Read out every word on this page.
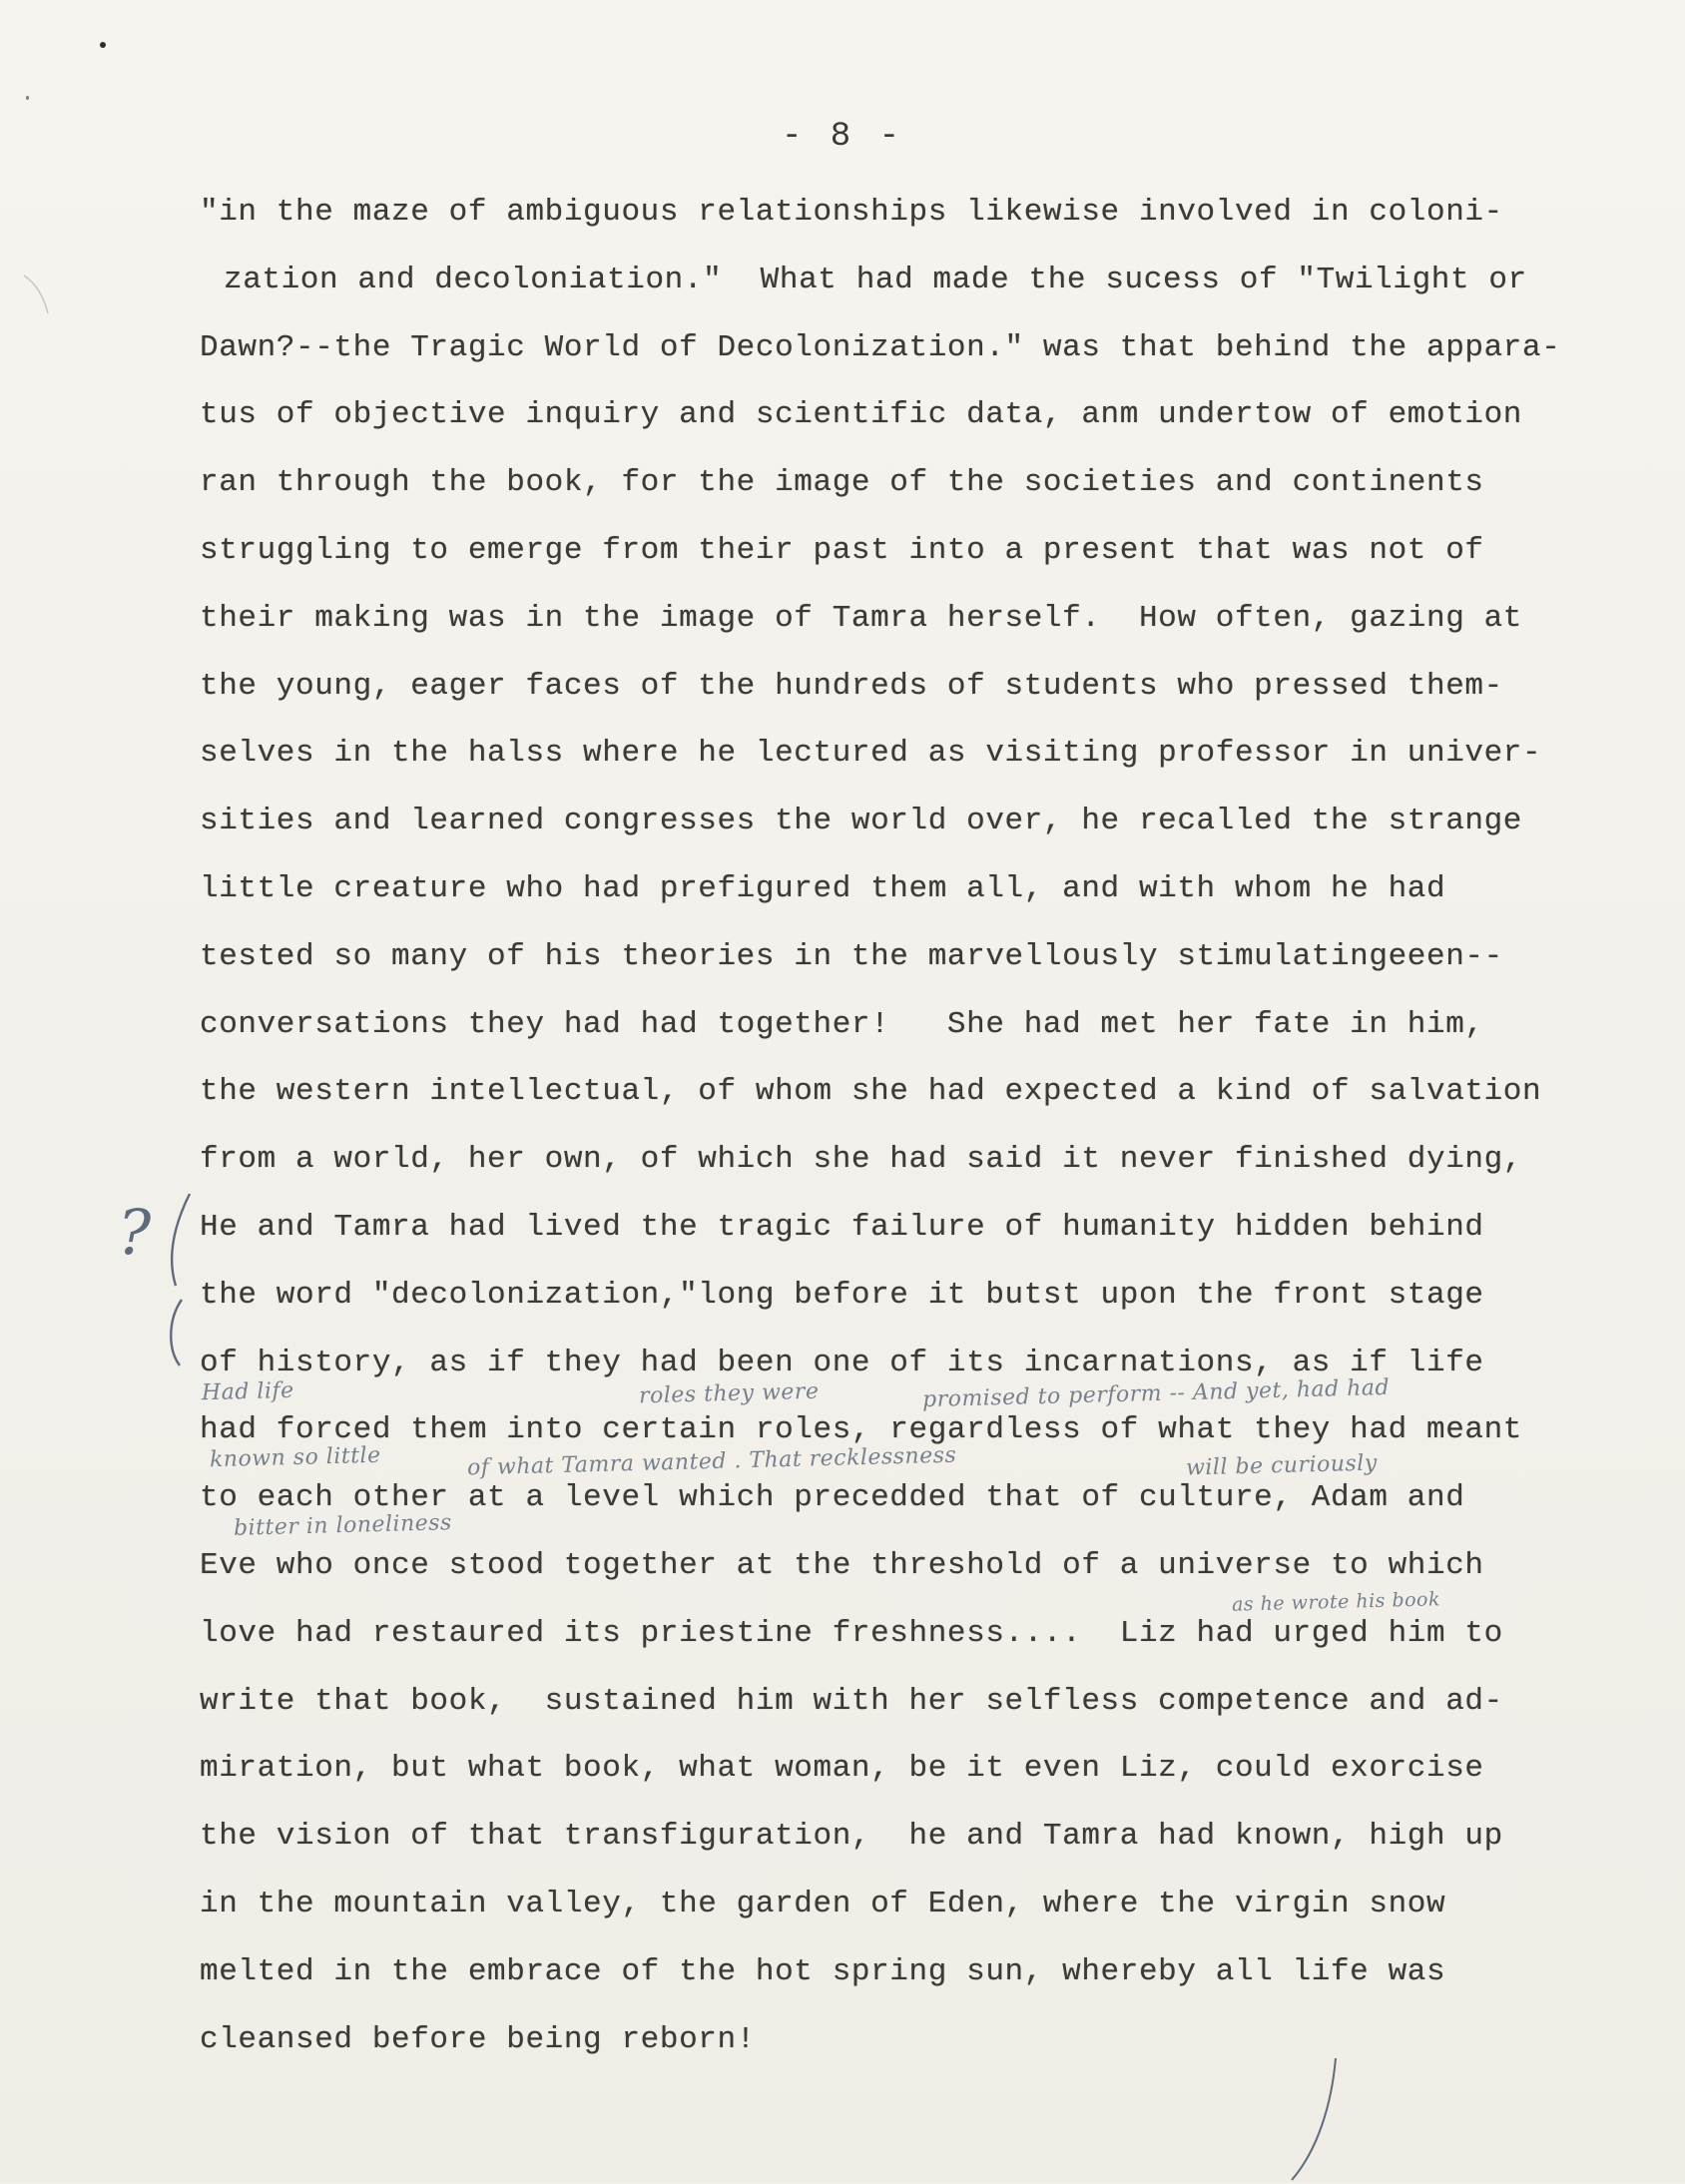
- 8 -
"in the maze of ambiguous relationships likewise involved in coloni-
zation and decoloniation."  What had made the sucess of "Twilight or
Dawn?--the Tragic World of Decolonization." was that behind the appara-
tus of objective inquiry and scientific data, anm undertow of emotion
ran through the book, for the image of the societies and continents
struggling to emerge from their past into a present that was not of
their making was in the image of Tamra herself.  How often, gazing at
the young, eager faces of the hundreds of students who pressed them-
selves in the halss where he lectured as visiting professor in univer-
sities and learned congresses the world over, he recalled the strange
little creature who had prefigured them all, and with whom he had
tested so many of his theories in the marvellously stimulatingeeen--
conversations they had had together!   She had met her fate in him,
the western intellectual, of whom she had expected a kind of salvation
from a world, her own, of which she had said it never finished dying,
He and Tamra had lived the tragic failure of humanity hidden behind
the word "decolonization,"long before it butst upon the front stage
of history, as if they had been one of its incarnations, as if life
had forced them into certain roles, regardless of what they had meant
to each other at a level which precedded that of culture, Adam and
Eve who once stood together at the threshold of a universe to which
love had restaured its priestine freshness....  Liz had urged him to
write that book,  sustained him with her selfless competence and ad-
miration, but what book, what woman, be it even Liz, could exorcise
the vision of that transfiguration,  he and Tamra had known, high up
in the mountain valley, the garden of Eden, where the virgin snow
melted in the embrace of the hot spring sun, whereby all life was
cleansed before being reborn!
?
Had life	roles they were	promised to perform -- And yet, had had
known so little	of what Tamra wanted . That recklessness	will be curiously
bitter in loneliness
as he wrote his book
